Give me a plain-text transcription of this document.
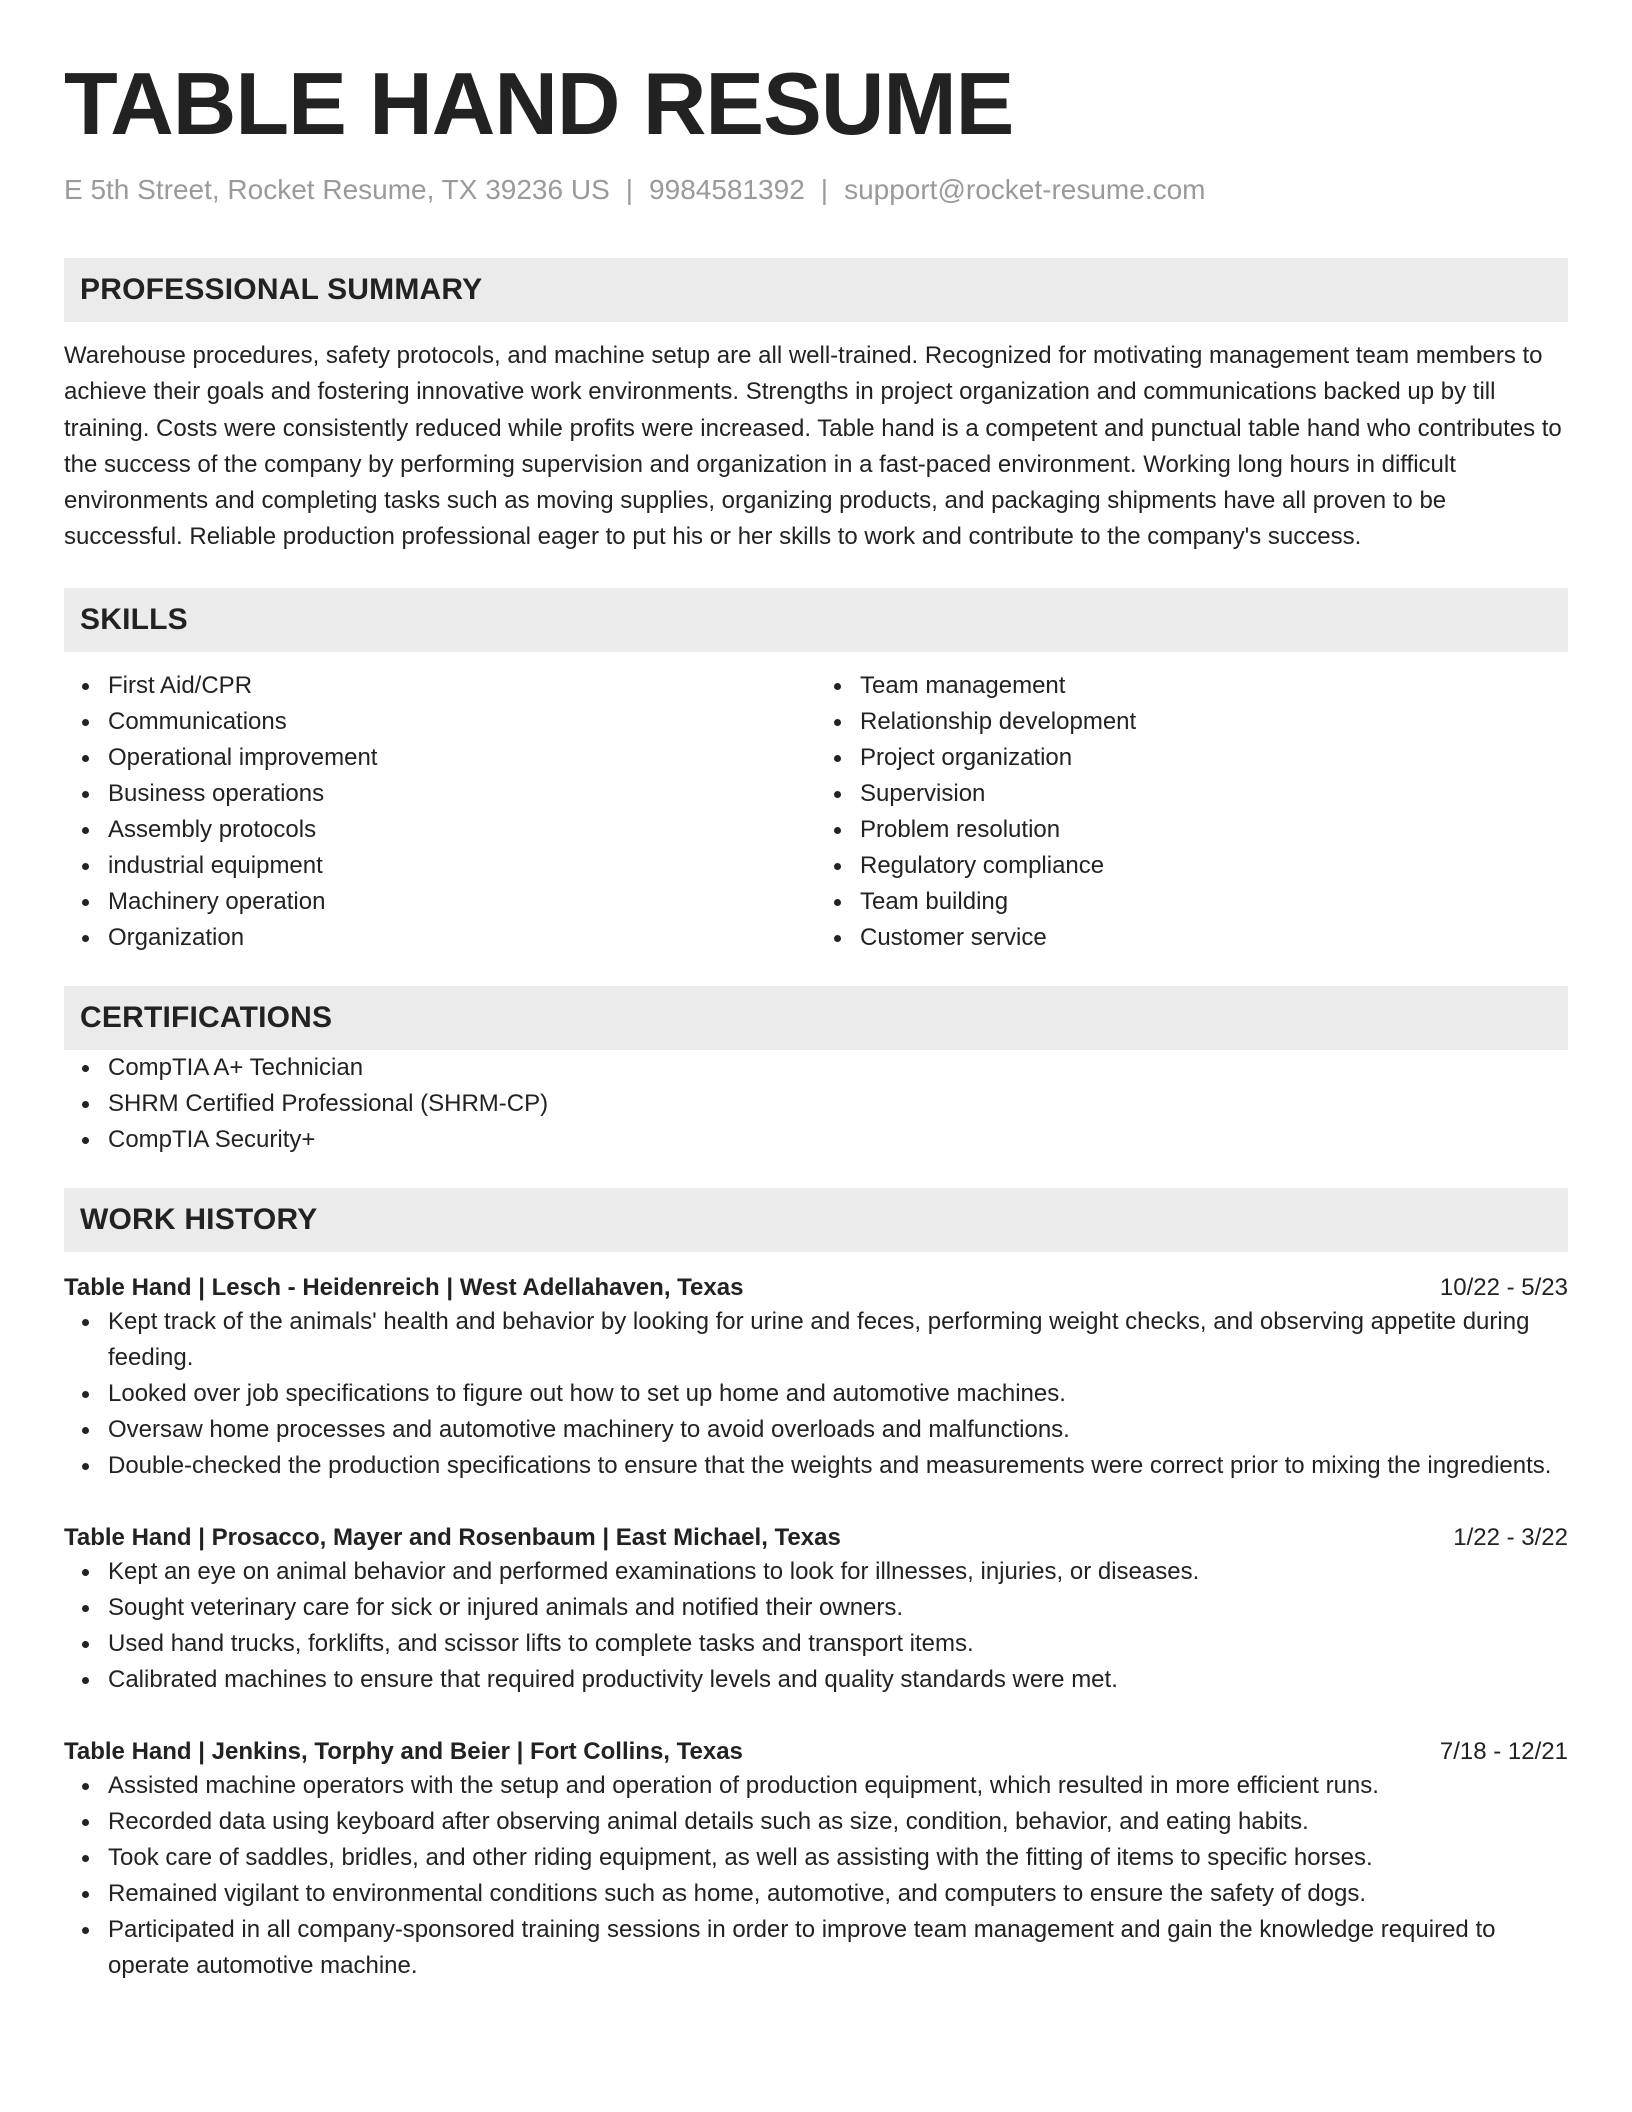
TABLE HAND RESUME
E 5th Street, Rocket Resume, TX 39236 US | 9984581392 | support@rocket-resume.com
PROFESSIONAL SUMMARY
Warehouse procedures, safety protocols, and machine setup are all well-trained. Recognized for motivating management team members to achieve their goals and fostering innovative work environments. Strengths in project organization and communications backed up by till training. Costs were consistently reduced while profits were increased. Table hand is a competent and punctual table hand who contributes to the success of the company by performing supervision and organization in a fast-paced environment. Working long hours in difficult environments and completing tasks such as moving supplies, organizing products, and packaging shipments have all proven to be successful. Reliable production professional eager to put his or her skills to work and contribute to the company's success.
SKILLS
First Aid/CPR
Communications
Operational improvement
Business operations
Assembly protocols
industrial equipment
Machinery operation
Organization
Team management
Relationship development
Project organization
Supervision
Problem resolution
Regulatory compliance
Team building
Customer service
CERTIFICATIONS
CompTIA A+ Technician
SHRM Certified Professional (SHRM-CP)
CompTIA Security+
WORK HISTORY
Table Hand | Lesch - Heidenreich | West Adellahaven, Texas	10/22 - 5/23
Kept track of the animals' health and behavior by looking for urine and feces, performing weight checks, and observing appetite during feeding.
Looked over job specifications to figure out how to set up home and automotive machines.
Oversaw home processes and automotive machinery to avoid overloads and malfunctions.
Double-checked the production specifications to ensure that the weights and measurements were correct prior to mixing the ingredients.
Table Hand | Prosacco, Mayer and Rosenbaum | East Michael, Texas	1/22 - 3/22
Kept an eye on animal behavior and performed examinations to look for illnesses, injuries, or diseases.
Sought veterinary care for sick or injured animals and notified their owners.
Used hand trucks, forklifts, and scissor lifts to complete tasks and transport items.
Calibrated machines to ensure that required productivity levels and quality standards were met.
Table Hand | Jenkins, Torphy and Beier | Fort Collins, Texas	7/18 - 12/21
Assisted machine operators with the setup and operation of production equipment, which resulted in more efficient runs.
Recorded data using keyboard after observing animal details such as size, condition, behavior, and eating habits.
Took care of saddles, bridles, and other riding equipment, as well as assisting with the fitting of items to specific horses.
Remained vigilant to environmental conditions such as home, automotive, and computers to ensure the safety of dogs.
Participated in all company-sponsored training sessions in order to improve team management and gain the knowledge required to operate automotive machine.
